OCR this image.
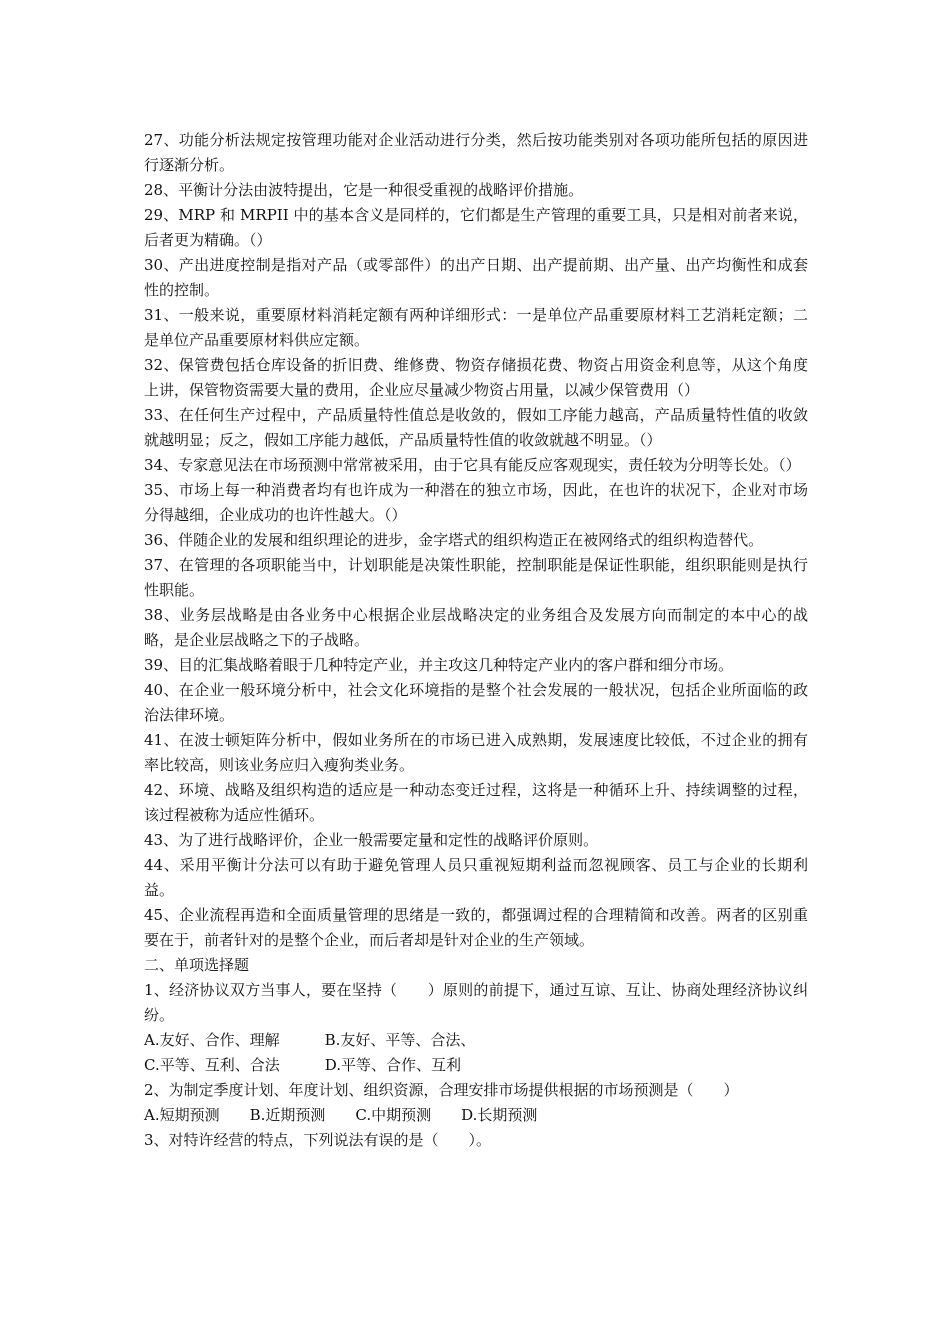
27、功能分析法规定按管理功能对企业活动进行分类，然后按功能类别对各项功能所包括的原因进行逐渐分析。

28、平衡计分法由波特提出，它是一种很受重视的战略评价措施。

29、MRP 和 MRPII 中的基本含义是同样的，它们都是生产管理的重要工具，只是相对前者来说，后者更为精确。（）

30、产出进度控制是指对产品（或零部件）的出产日期、出产提前期、出产量、出产均衡性和成套性的控制。

31、一般来说，重要原材料消耗定额有两种详细形式：一是单位产品重要原材料工艺消耗定额；二是单位产品重要原材料供应定额。

32、保管费包括仓库设备的折旧费、维修费、物资存储损花费、物资占用资金利息等，从这个角度上讲，保管物资需要大量的费用，企业应尽量减少物资占用量，以减少保管费用（）

33、在任何生产过程中，产品质量特性值总是收敛的，假如工序能力越高，产品质量特性值的收敛就越明显；反之，假如工序能力越低，产品质量特性值的收敛就越不明显。（）

34、专家意见法在市场预测中常常被采用，由于它具有能反应客观现实，责任较为分明等长处。（）

35、市场上每一种消费者均有也许成为一种潜在的独立市场，因此，在也许的状况下，企业对市场分得越细，企业成功的也许性越大。（）

36、伴随企业的发展和组织理论的进步，金字塔式的组织构造正在被网络式的组织构造替代。

37、在管理的各项职能当中，计划职能是决策性职能，控制职能是保证性职能，组织职能则是执行性职能。

38、业务层战略是由各业务中心根据企业层战略决定的业务组合及发展方向而制定的本中心的战略，是企业层战略之下的子战略。

39、目的汇集战略着眼于几种特定产业，并主攻这几种特定产业内的客户群和细分市场。

40、在企业一般环境分析中，社会文化环境指的是整个社会发展的一般状况，包括企业所面临的政治法律环境。

41、在波士顿矩阵分析中，假如业务所在的市场已进入成熟期，发展速度比较低，不过企业的拥有率比较高，则该业务应归入瘦狗类业务。

42、环境、战略及组织构造的适应是一种动态变迁过程，这将是一种循环上升、持续调整的过程，该过程被称为适应性循环。

43、为了进行战略评价，企业一般需要定量和定性的战略评价原则。

44、采用平衡计分法可以有助于避免管理人员只重视短期利益而忽视顾客、员工与企业的长期利益。

45、企业流程再造和全面质量管理的思绪是一致的，都强调过程的合理精简和改善。两者的区别重要在于，前者针对的是整个企业，而后者却是针对企业的生产领域。

二、单项选择题

1、经济协议双方当事人，要在坚持（　　）原则的前提下，通过互谅、互让、协商处理经济协议纠纷。

A.友好、合作、理解　　　B.友好、平等、合法、

C.平等、互利、合法　　　D.平等、合作、互利

2、为制定季度计划、年度计划、组织资源，合理安排市场提供根据的市场预测是（　　）

A.短期预测　　B.近期预测　　C.中期预测　　D.长期预测

3、对特许经营的特点，下列说法有误的是（　　）。
